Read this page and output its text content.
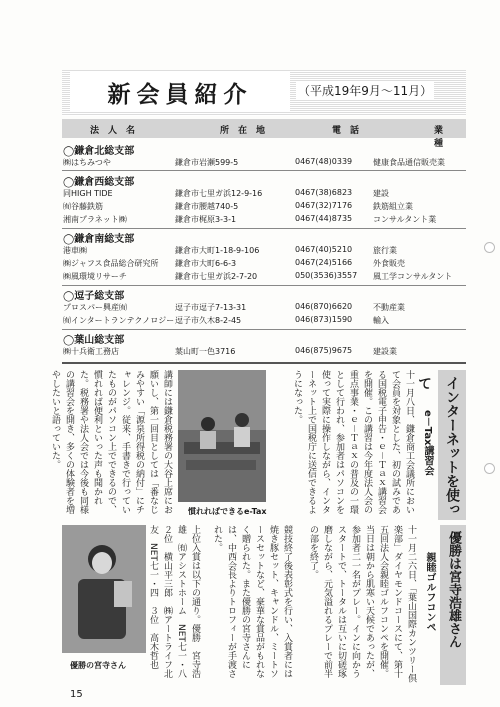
新会員紹介	（平成19年9月〜11月）
法　人　名	所　在　地	電　話	業　　種
◯鎌倉北総支部
㈱はちみつや	鎌倉市岩瀬599-5	0467(48)0339	健康食品通信販売業
◯鎌倉西総支部
同HIGH TIDE	鎌倉市七里ガ浜12-9-16	0467(38)6823	建設
㈲谷藤鉄筋	鎌倉市腰越740-5	0467(32)7176	鉄筋組立業
湘南プラネット㈱	鎌倉市梶原3-3-1	0467(44)8735	コンサルタント業
◯鎌倉南総支部
港車㈱	鎌倉市大町1-18-9-106	0467(40)5210	旅行業
㈱ジャフス食品総合研究所 鎌倉市大町6-6-3	0467(24)5166	外食販売
㈱風環境リサーチ	鎌倉市七里ガ浜2-7-20	050(3536)3557 風工学コンサルタント
◯逗子総支部
プロスパー興産㈲	逗子市逗子7-13-31	046(870)6620	不動産業
㈲インタートランテクノロジー 逗子市久木8-2-45	046(873)1590	輸入
◯葉山総支部
㈱十兵衛工務店	葉山町一色3716	046(875)9675	建設業
インターネットを使って
e－Tax講習会
十一月八日、鎌倉商工会議所において会員を対象とした、初の試みである国税電子申告・ｅ－Ｔａｘ講習会を開催。この講習は今年度法人会の重点事業・ｅ－Ｔａｘの普及の一環として行われ、参加者はパソコンを使って実際に操作しながら、インターネット上で国税庁に送信できるようになった。
慣れればできるe-Tax
講師には鎌倉税務署の大谷上席にお願いし、第一回目としては「番なじみやすい「源泉所得税の納付」にチャレンジ。従来、手書きで行っていたものがパソコン上でできるので、慣れれば便利といった声も聞かれた。税務署や法人会では今後も同様の講習会を開き、多くの体験者を増やしたいと語っていた。
優勝は宮寺浩雄さん
親睦ゴルフコンペ
十一月二六日、「葉山国際カンツリー倶楽部」ダイヤモンドコースにて、第十五回法人会親睦ゴルフコンペを開催。当日は朝から肌寒い天候であったが、参加者二一名がプレー。インに向かうスタートで、トータルは互いに切磋琢磨しながら、元気溢れるプレーで前半の部を終了。
競技終了後表彰式を行い、入賞者には焼き豚セット、キャンドル、ミートソースセットなど、豪華な賞品がもれなく贈られた。また優勝の宮寺さんには、中西会長よりトロフィーが手渡された。
上位入賞は以下の通り。優勝　宮寺浩雄　㈲アシストホーム　NET七一・八　２位　横山平三郎　㈱アートライフ北友　NET七一・四　３位　高木哲也　　
優勝の宮寺さん
15
